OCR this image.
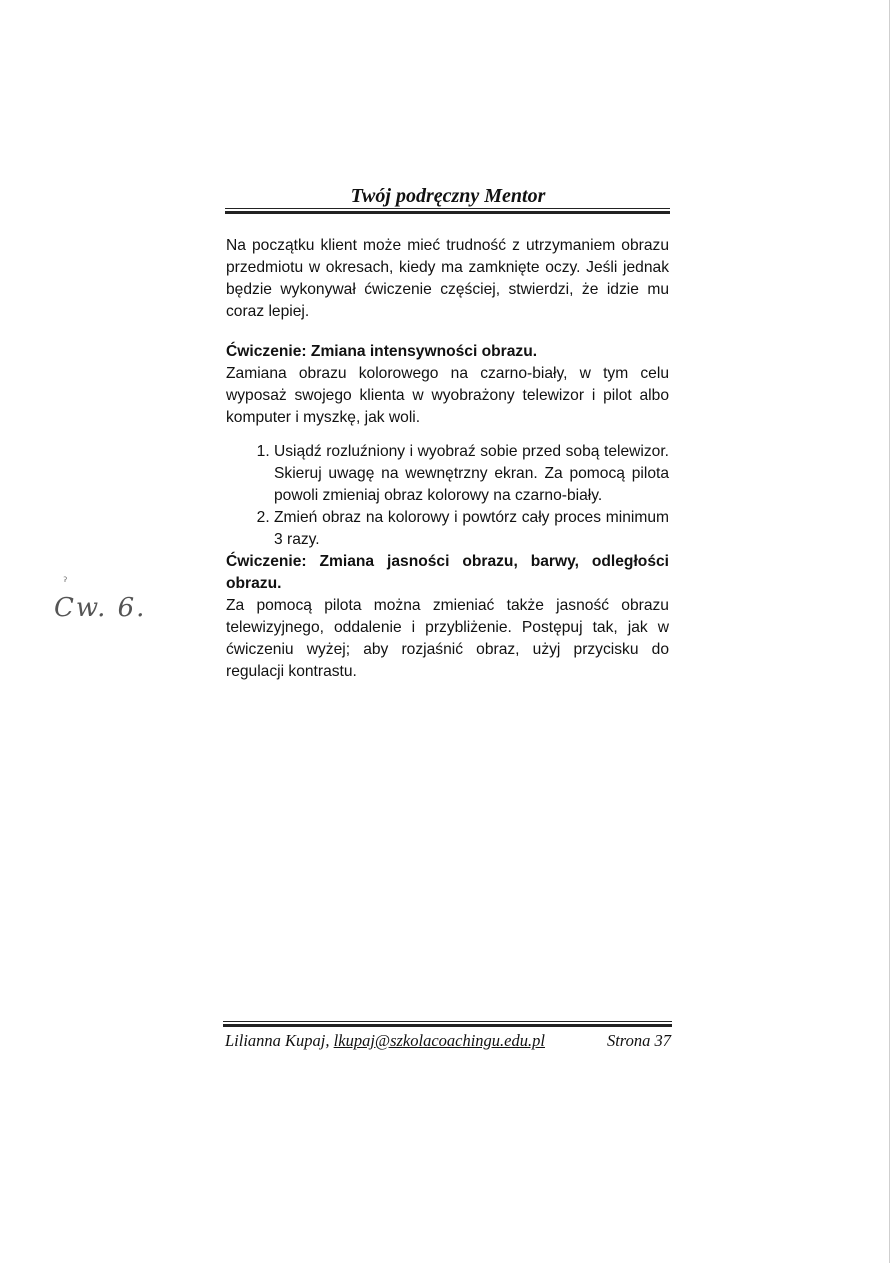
Twój podręczny Mentor
ˀ
Cw. 6.

Na początku klient może mieć trudność z utrzymaniem obrazu przedmiotu w okresach, kiedy ma zamknięte oczy. Jeśli jednak będzie wykonywał ćwiczenie częściej, stwierdzi, że idzie mu coraz lepiej.

Ćwiczenie: Zmiana intensywności obrazu.

Zamiana obrazu kolorowego na czarno-biały, w tym celu wyposaż swojego klienta w wyobrażony telewizor i pilot albo komputer i myszkę, jak woli.

1. Usiądź rozluźniony i wyobraź sobie przed sobą telewizor. Skieruj uwagę na wewnętrzny ekran. Za pomocą pilota powoli zmieniaj obraz kolorowy na czarno-biały.
2. Zmień obraz na kolorowy i powtórz cały proces minimum 3 razy.

Ćwiczenie: Zmiana jasności obrazu, barwy, odległości obrazu.

Za pomocą pilota można zmieniać także jasność obrazu telewizyjnego, oddalenie i przybliżenie. Postępuj tak, jak w ćwiczeniu wyżej; aby rozjaśnić obraz, użyj przycisku do regulacji kontrastu.

Lilianna Kupaj, lkupaj@szkolacoachingu.edu.pl	Strona 37
